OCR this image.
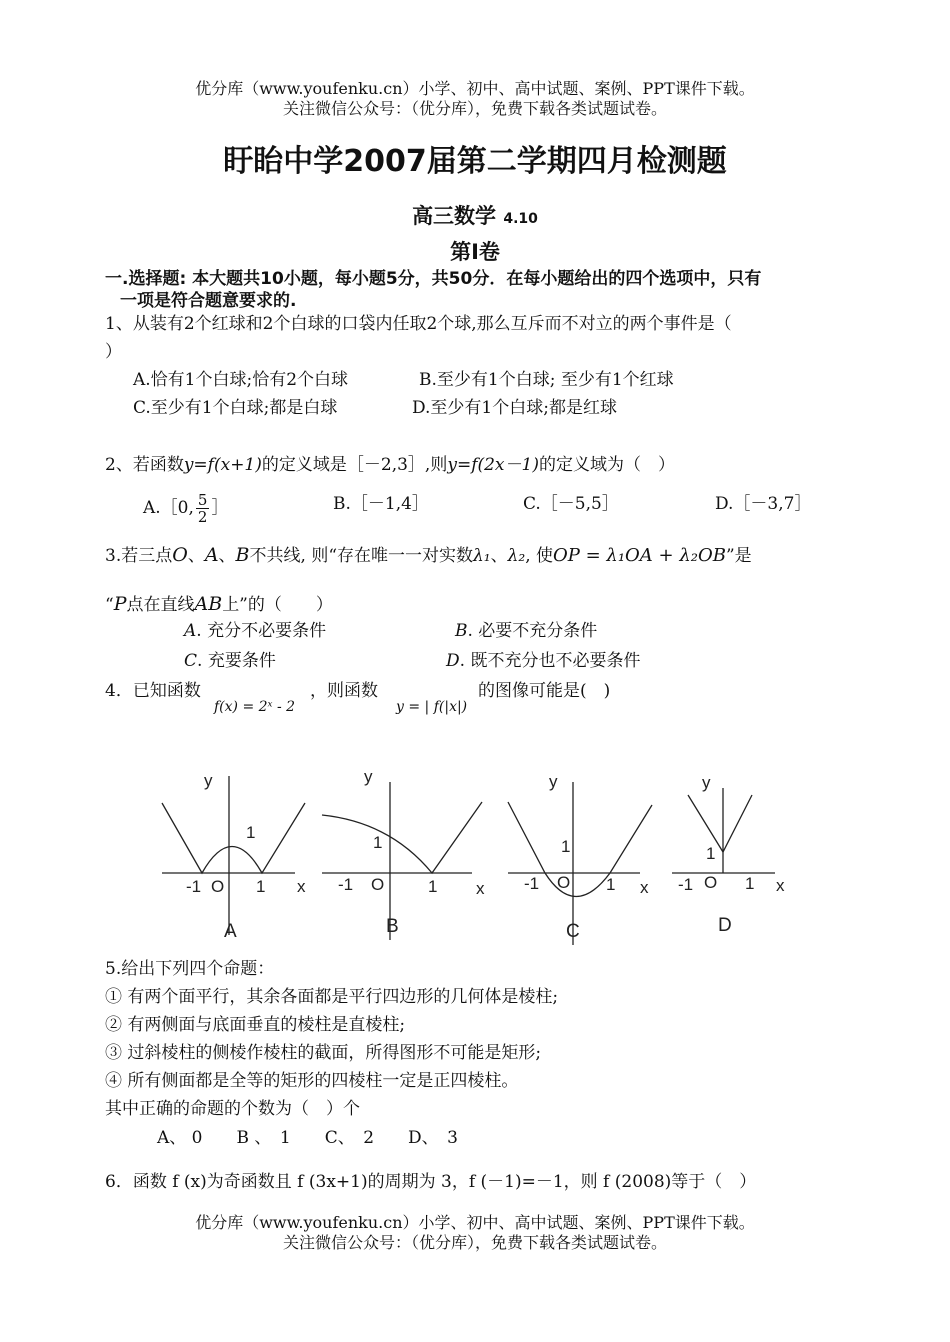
优分库（www.youfenku.cn）小学、初中、高中试题、案例、PPT课件下载。
关注微信公众号：（优分库），免费下载各类试题试卷。
盱眙中学2007届第二学期四月检测题
高三数学 4.10
第Ⅰ卷
一.选择题: 本大题共10小题，每小题5分，共50分．在每小题给出的四个选项中，只有
一项是符合题意要求的.
1、从装有2个红球和2个白球的口袋内任取2个球,那么互斥而不对立的两个事件是（
）
A.恰有1个白球;恰有2个白球	B.至少有1个白球; 至少有1个红球
C.至少有1个白球;都是白球	D.至少有1个白球;都是红球
2、若函数y=f(x+1)的定义域是［－2,3］,则y=f(2x－1)的定义域为（　）
A.［0, $\frac{5}{2}$ ］	B.［－1,4］	C.［－5,5］	D.［－3,7］
3.若三点O、A、B不共线, 则“存在唯一一对实数λ₁、λ₂, 使OP = λ₁OA + λ₂OB”是
“P点在直线AB上”的（　　）
A. 充分不必要条件	B. 必要不充分条件
C. 充要条件	D. 既不充分也不必要条件
4．已知函数
f(x) = 2ˣ - 2
，则函数
y = | f(|x|)
的图像可能是(　)
y
1
-1 O 1 x
A
y
1
-1 O	1 x
B
y
1
-1 O 1 x
C
y
1
-1 O 1 x
D
5.给出下列四个命题：
① 有两个面平行，其余各面都是平行四边形的几何体是棱柱;
② 有两侧面与底面垂直的棱柱是直棱柱;
③ 过斜棱柱的侧棱作棱柱的截面，所得图形不可能是矩形;
④ 所有侧面都是全等的矩形的四棱柱一定是正四棱柱。
其中正确的命题的个数为（　）个
A、 0　　B 、　1　　C、　2　　D、　3
6．函数 f (x)为奇函数且 f (3x+1)的周期为 3，f (－1)=－1，则 f (2008)等于（　）
优分库（www.youfenku.cn）小学、初中、高中试题、案例、PPT课件下载。
关注微信公众号：（优分库），免费下载各类试题试卷。
